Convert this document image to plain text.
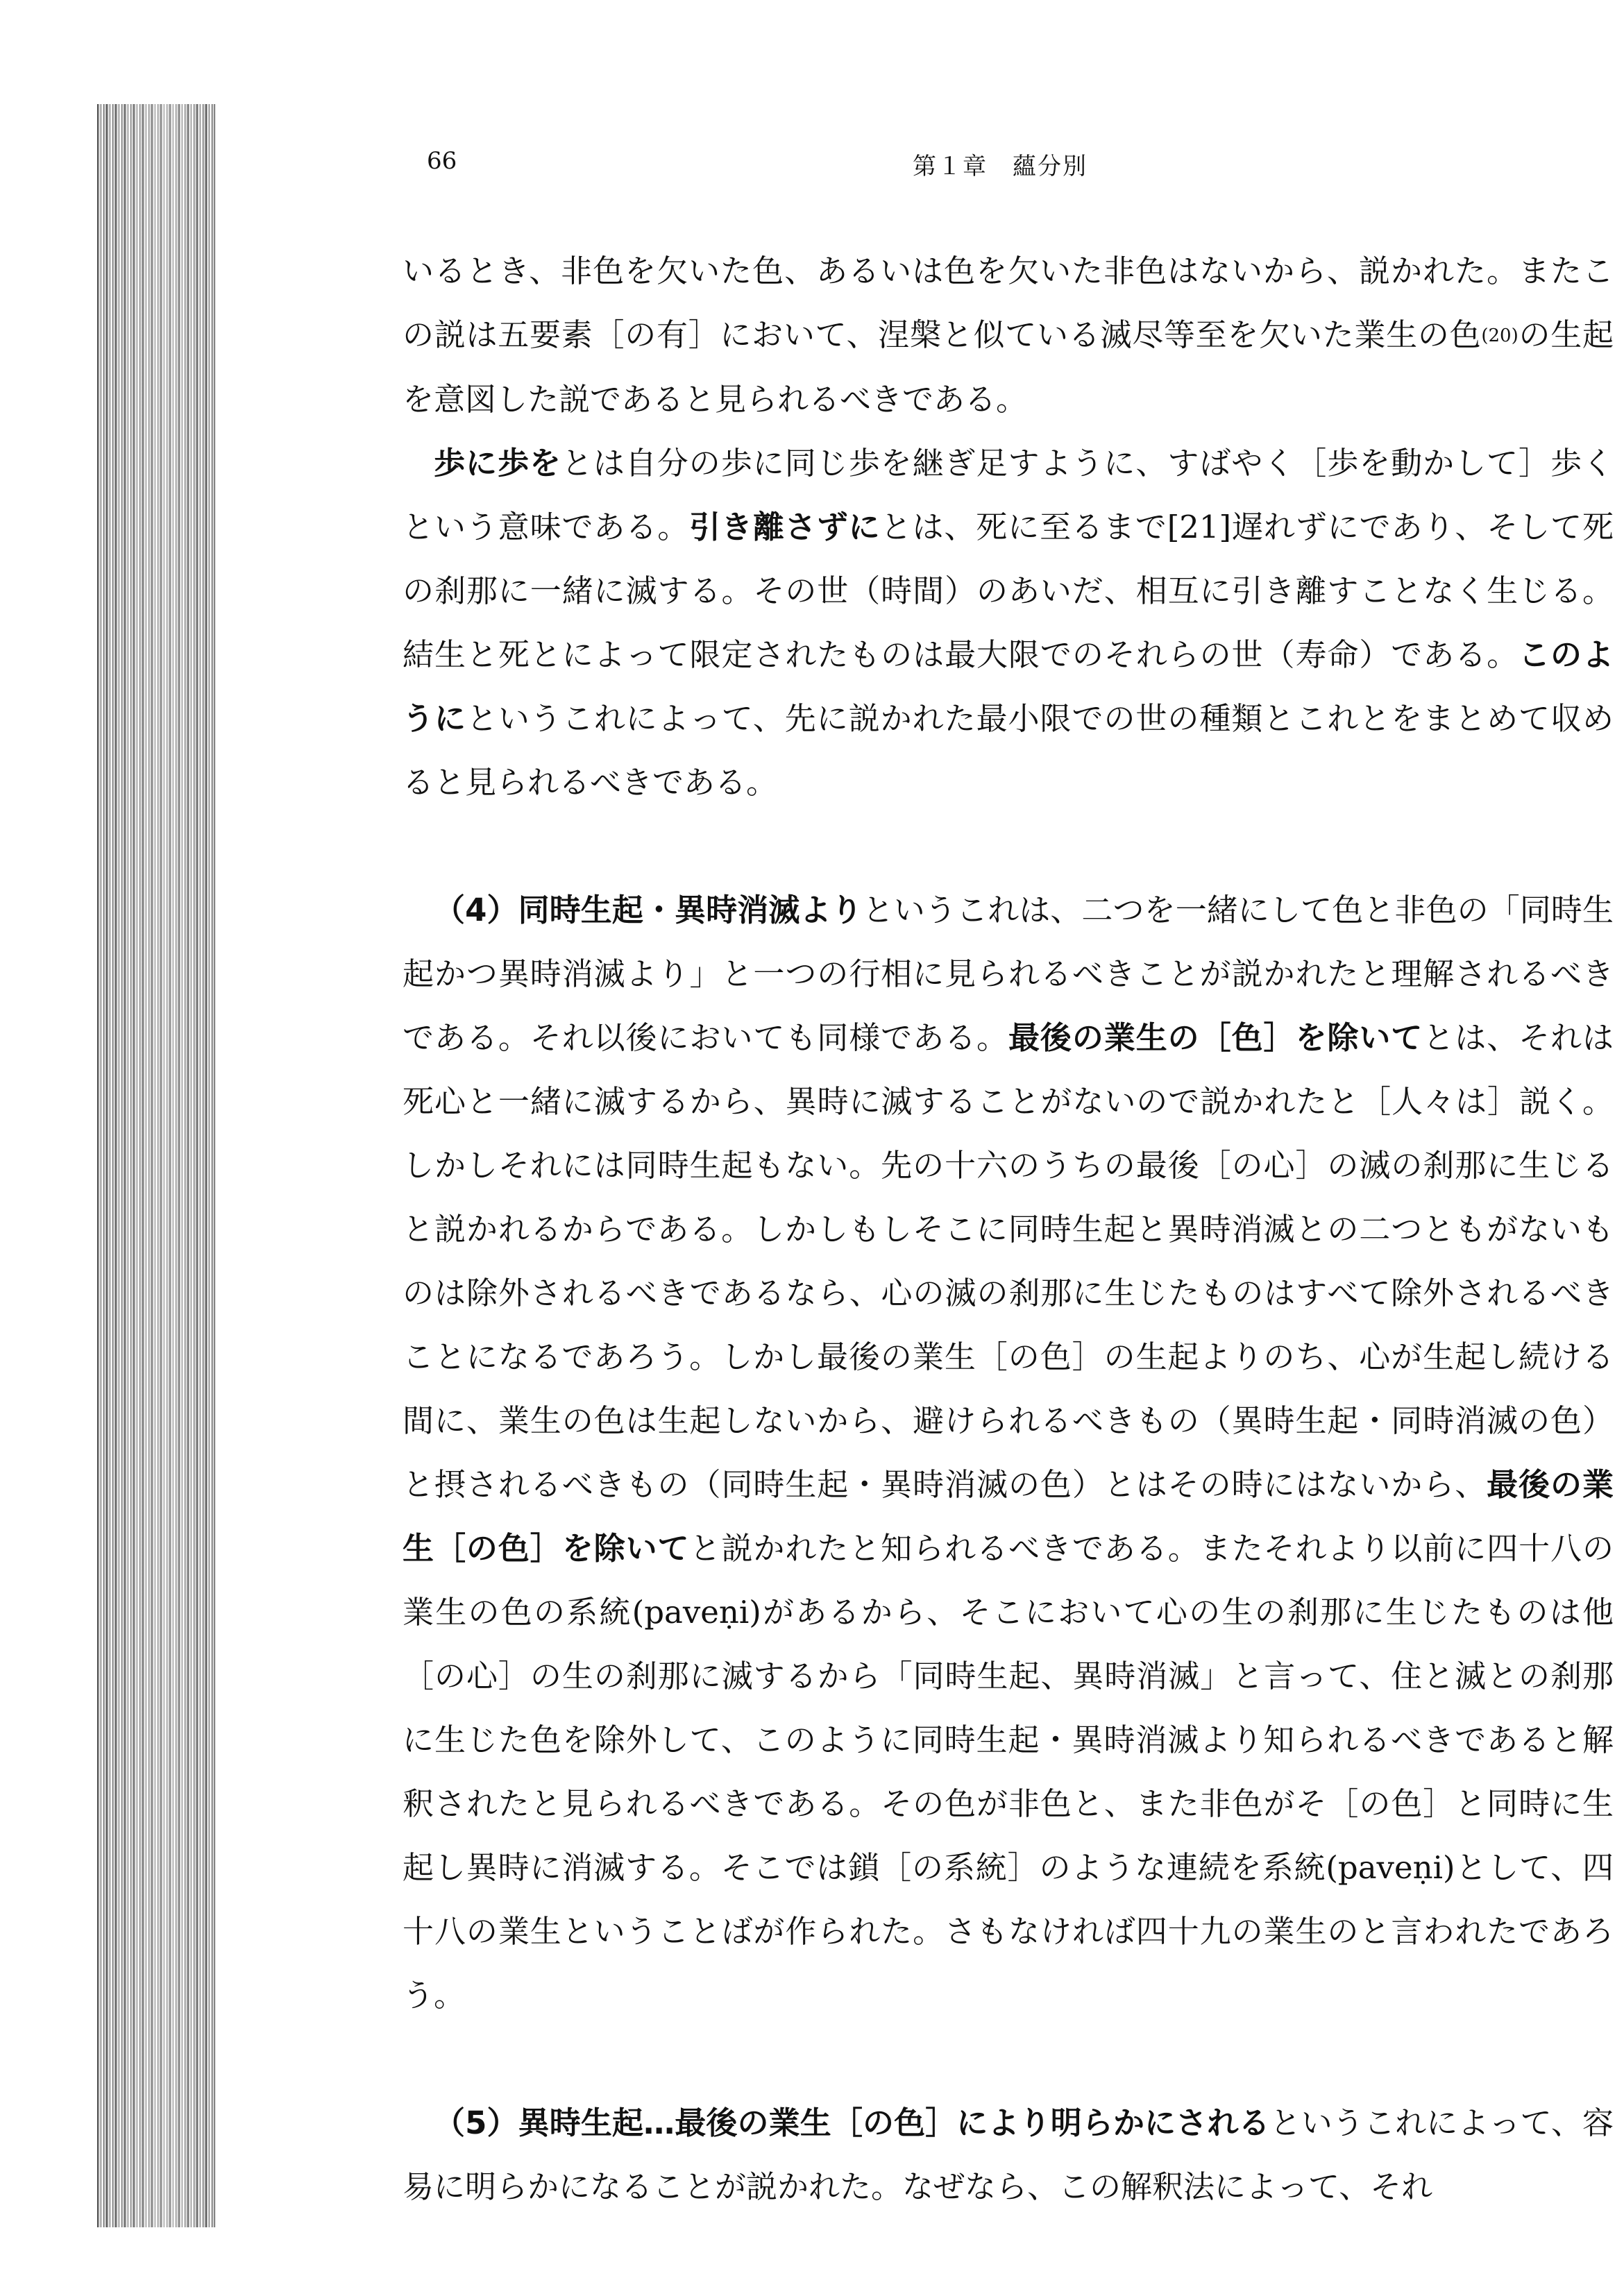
66	第１章　蘊分別

いるとき、非色を欠いた色、あるいは色を欠いた非色はないから、説かれた。またこの説は五要素［の有］において、涅槃と似ている滅尽等至を欠いた業生の色(20)の生起を意図した説であると見られるべきである。

歩に歩をとは自分の歩に同じ歩を継ぎ足すように、すばやく［歩を動かして］歩くという意味である。引き離さずにとは、死に至るまで[21]遅れずにであり、そして死の刹那に一緒に滅する。その世（時間）のあいだ、相互に引き離すことなく生じる。結生と死とによって限定されたものは最大限でのそれらの世（寿命）である。このようにというこれによって、先に説かれた最小限での世の種類とこれとをまとめて収めると見られるべきである。

（4）同時生起・異時消滅よりというこれは、二つを一緒にして色と非色の「同時生起かつ異時消滅より」と一つの行相に見られるべきことが説かれたと理解されるべきである。それ以後においても同様である。最後の業生の［色］を除いてとは、それは死心と一緒に滅するから、異時に滅することがないので説かれたと［人々は］説く。しかしそれには同時生起もない。先の十六のうちの最後［の心］の滅の刹那に生じると説かれるからである。しかしもしそこに同時生起と異時消滅との二つともがないものは除外されるべきであるなら、心の滅の刹那に生じたものはすべて除外されるべきことになるであろう。しかし最後の業生［の色］の生起よりのち、心が生起し続ける間に、業生の色は生起しないから、避けられるべきもの（異時生起・同時消滅の色）と摂されるべきもの（同時生起・異時消滅の色）とはその時にはないから、最後の業生［の色］を除いてと説かれたと知られるべきである。またそれより以前に四十八の業生の色の系統(paveṇi)があるから、そこにおいて心の生の刹那に生じたものは他［の心］の生の刹那に滅するから「同時生起、異時消滅」と言って、住と滅との刹那に生じた色を除外して、このように同時生起・異時消滅より知られるべきであると解釈されたと見られるべきである。その色が非色と、また非色がそ［の色］と同時に生起し異時に消滅する。そこでは鎖［の系統］のような連続を系統(paveṇi)として、四十八の業生ということばが作られた。さもなければ四十九の業生のと言われたであろう。

（5）異時生起…最後の業生［の色］により明らかにされるというこれによって、容易に明らかになることが説かれた。なぜなら、この解釈法によって、それ
